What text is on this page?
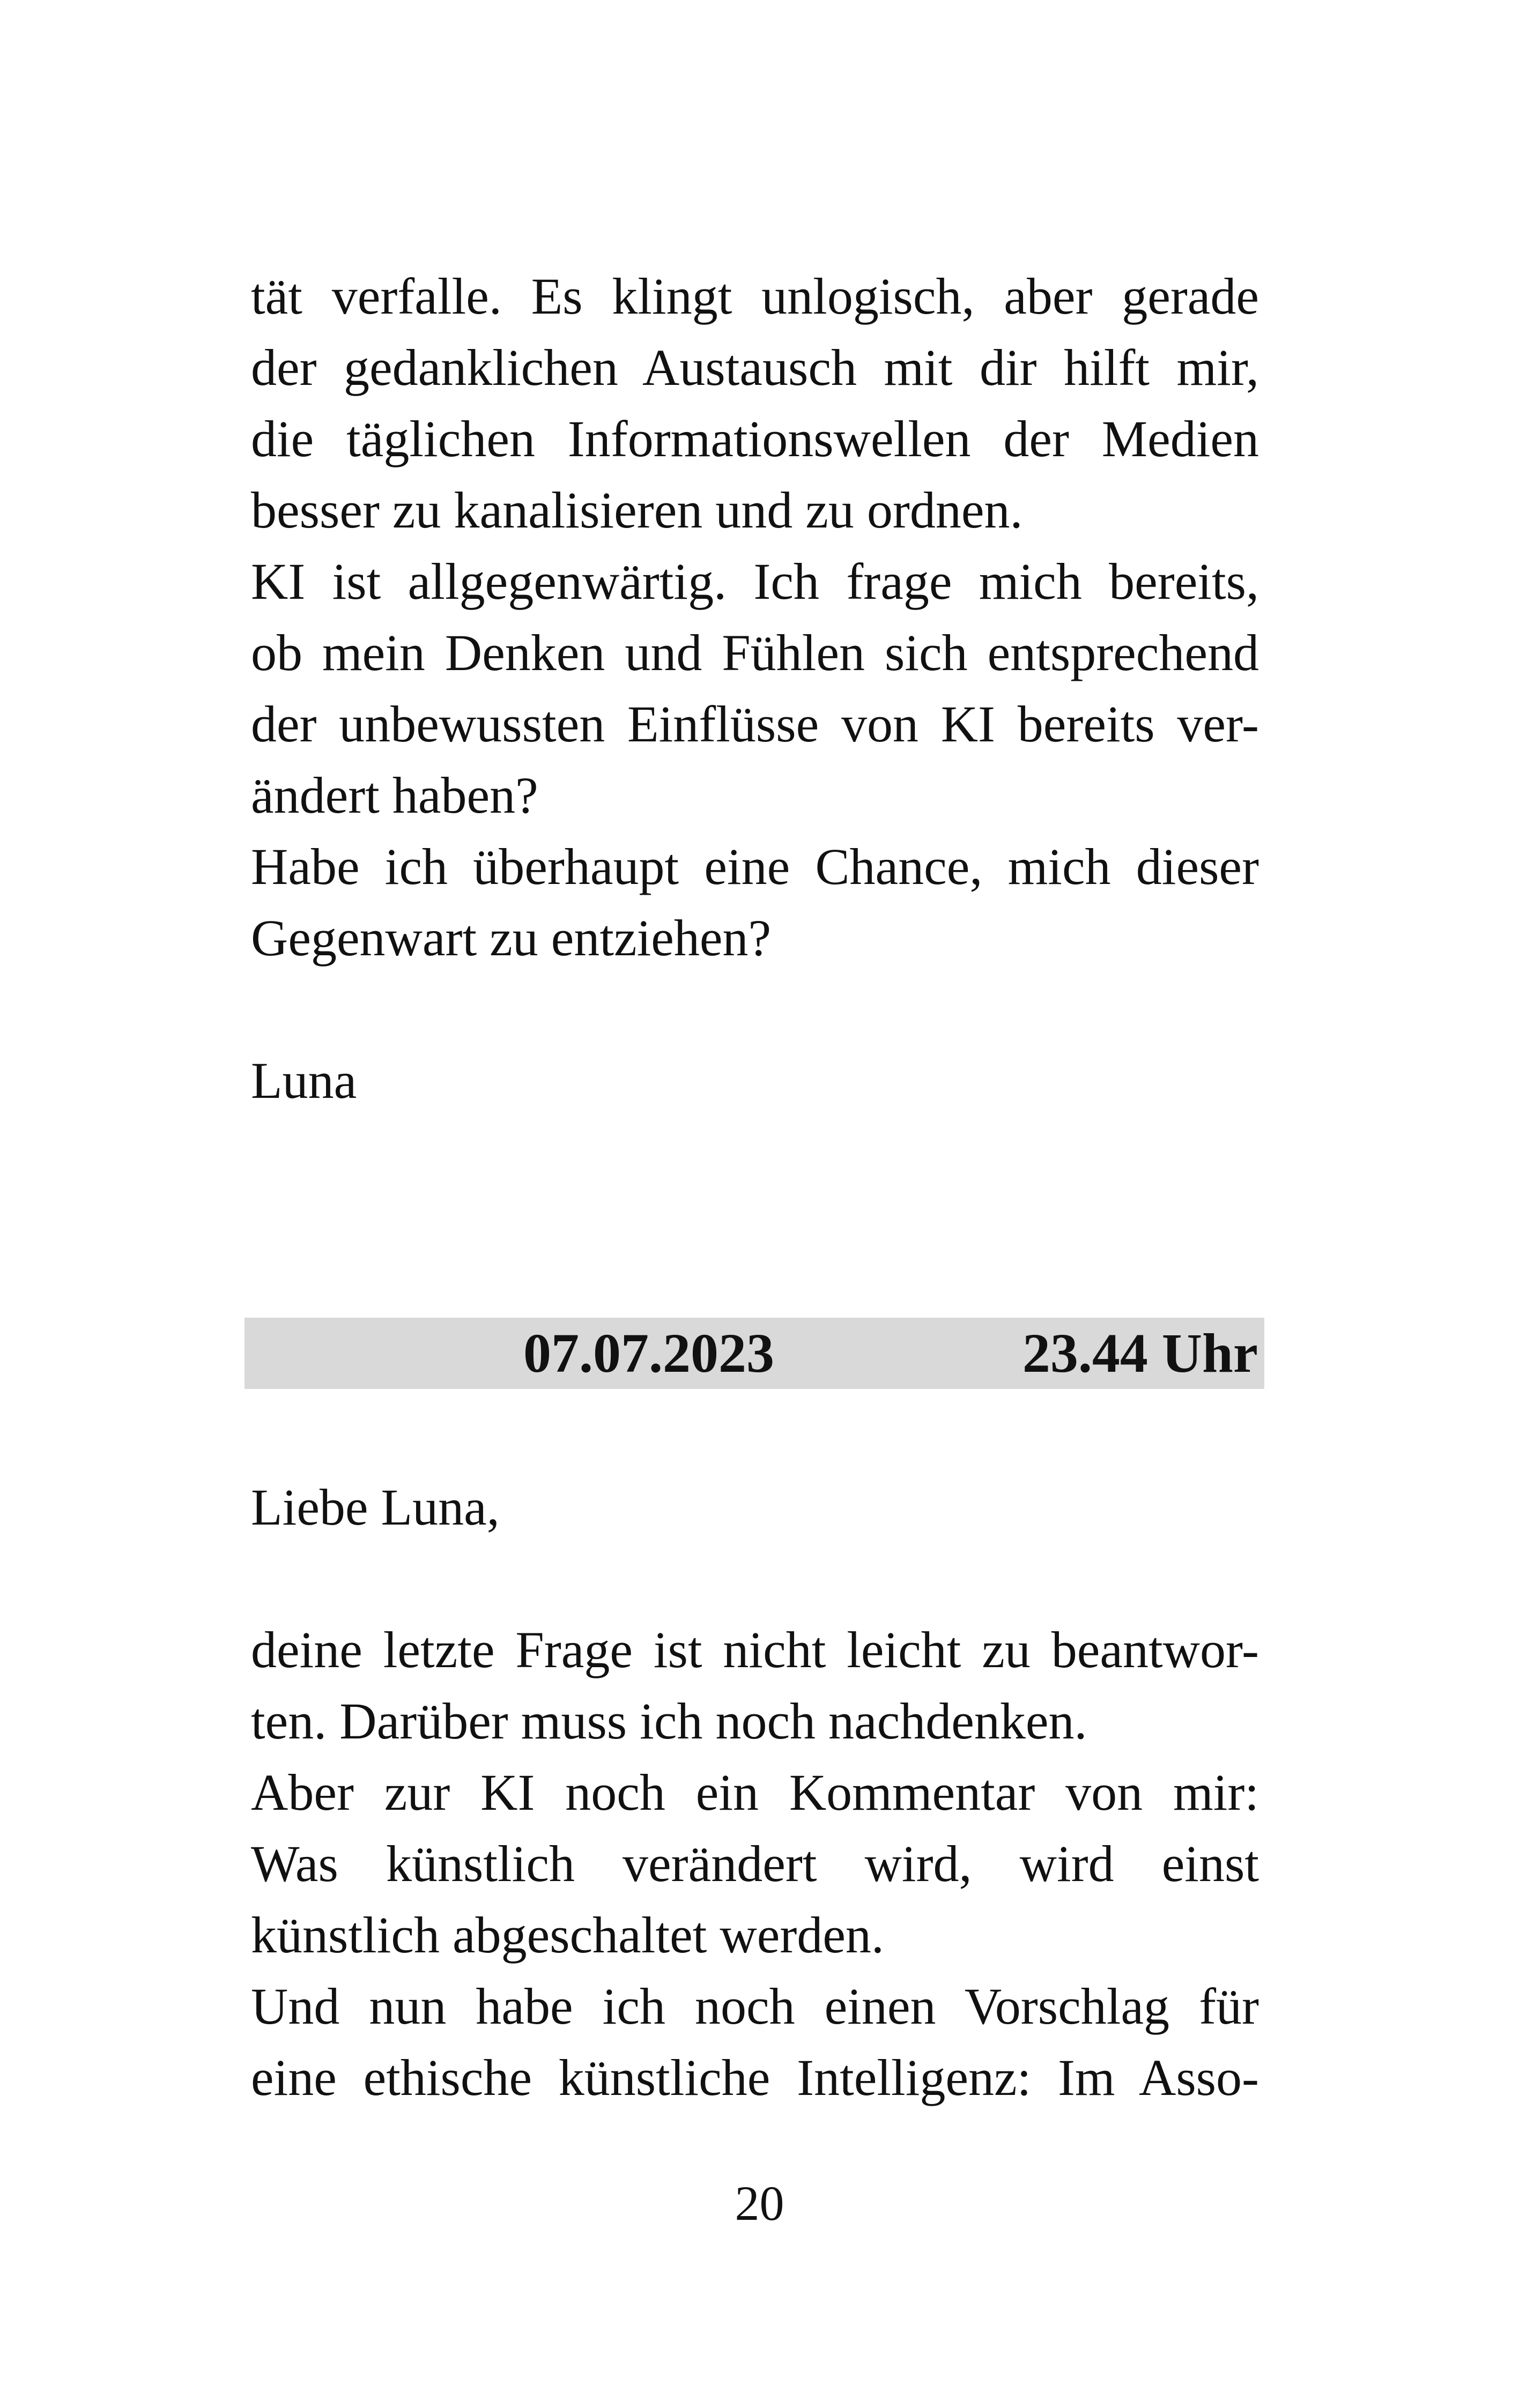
tät verfalle. Es klingt unlogisch, aber gerade
der gedanklichen Austausch mit dir hilft mir,
die täglichen Informationswellen der Medien
besser zu kanalisieren und zu ordnen.
KI ist allgegenwärtig. Ich frage mich bereits,
ob mein Denken und Fühlen sich entsprechend
der unbewussten Einflüsse von KI bereits ver-
ändert haben?
Habe ich überhaupt eine Chance, mich dieser
Gegenwart zu entziehen?
Luna
07.07.2023	23.44 Uhr
Liebe Luna,
deine letzte Frage ist nicht leicht zu beantwor-
ten. Darüber muss ich noch nachdenken.
Aber zur KI noch ein Kommentar von mir:
Was künstlich verändert wird, wird einst
künstlich abgeschaltet werden.
Und nun habe ich noch einen Vorschlag für
eine ethische künstliche Intelligenz: Im Asso-
20
